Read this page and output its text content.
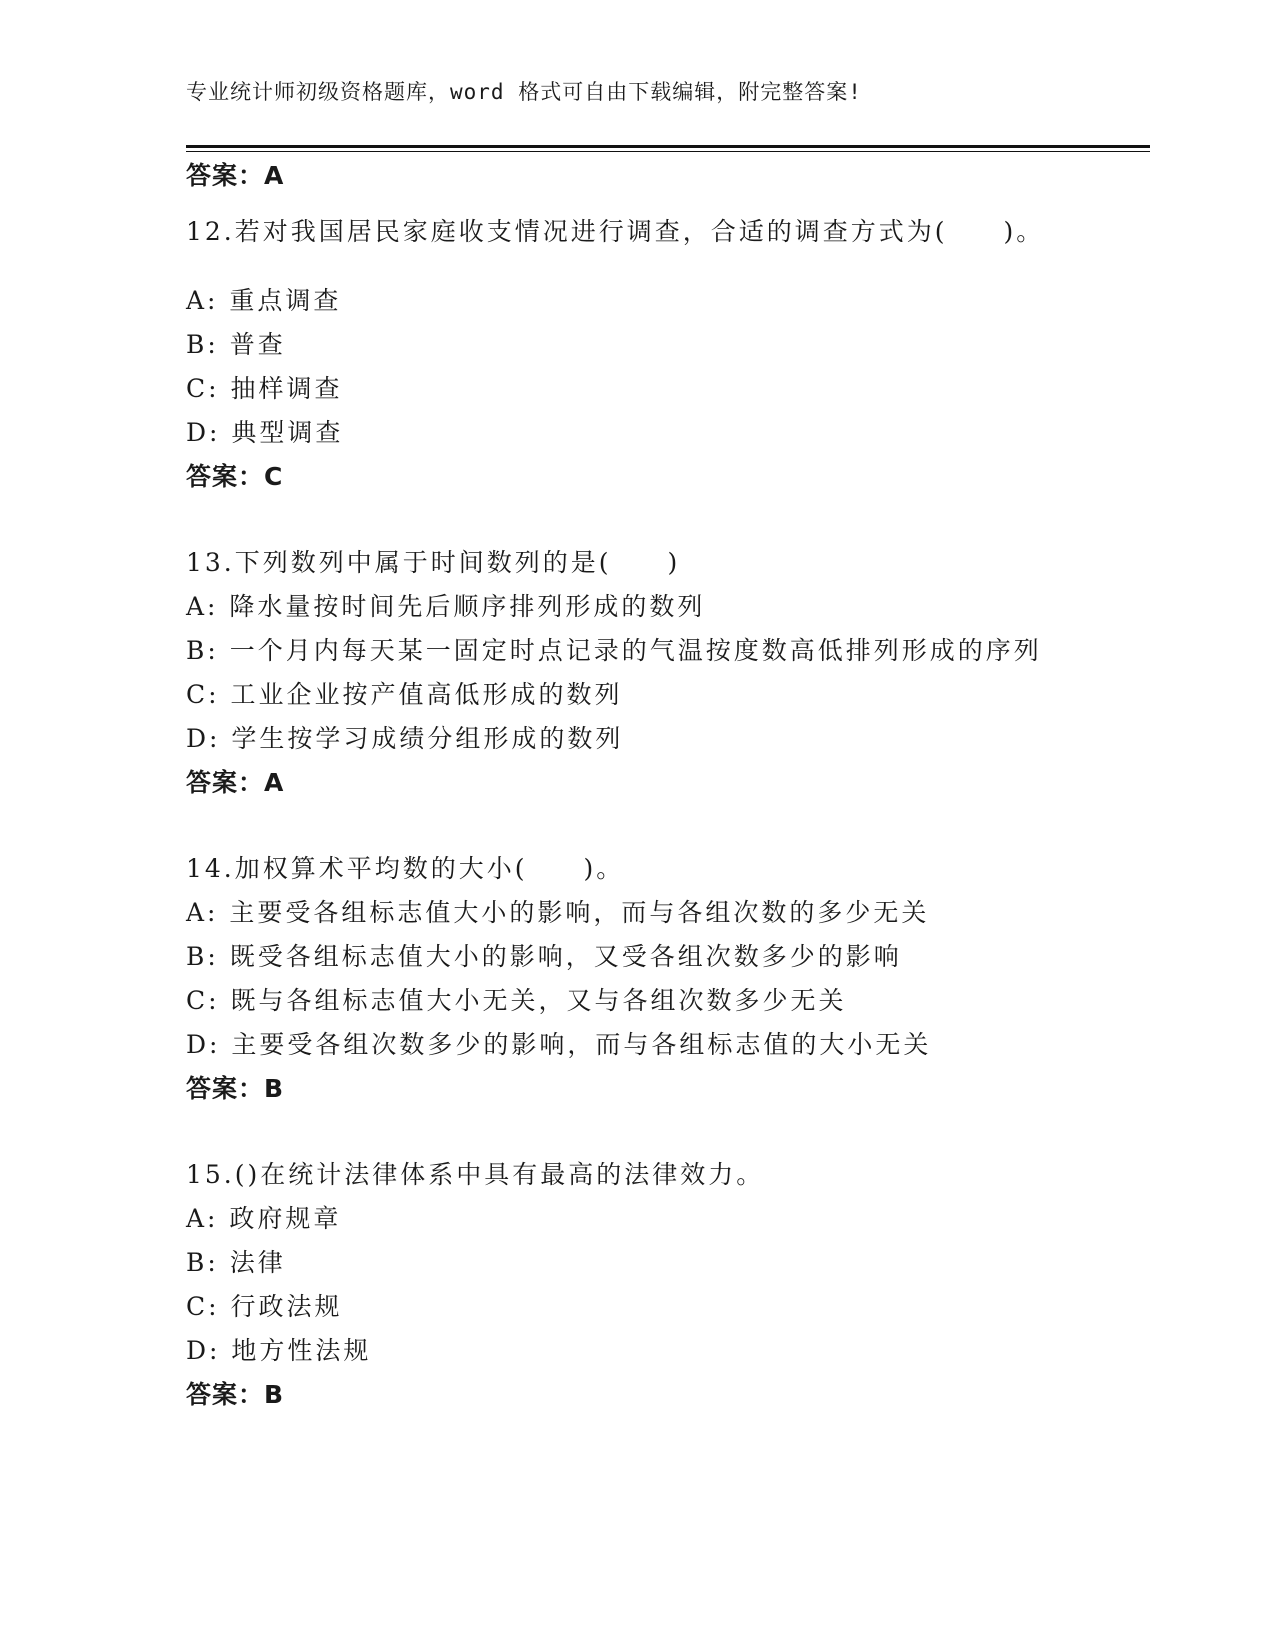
专业统计师初级资格题库，word 格式可自由下载编辑，附完整答案!
答案：A
12.若对我国居民家庭收支情况进行调查，合适的调查方式为(　　)。
A: 重点调查
B: 普查
C: 抽样调查
D: 典型调查
答案：C
13.下列数列中属于时间数列的是(　　)
A: 降水量按时间先后顺序排列形成的数列
B: 一个月内每天某一固定时点记录的气温按度数高低排列形成的序列
C: 工业企业按产值高低形成的数列
D: 学生按学习成绩分组形成的数列
答案：A
14.加权算术平均数的大小(　　)。
A: 主要受各组标志值大小的影响，而与各组次数的多少无关
B: 既受各组标志值大小的影响，又受各组次数多少的影响
C: 既与各组标志值大小无关，又与各组次数多少无关
D: 主要受各组次数多少的影响，而与各组标志值的大小无关
答案：B
15.()在统计法律体系中具有最高的法律效力。
A: 政府规章
B: 法律
C: 行政法规
D: 地方性法规
答案：B
